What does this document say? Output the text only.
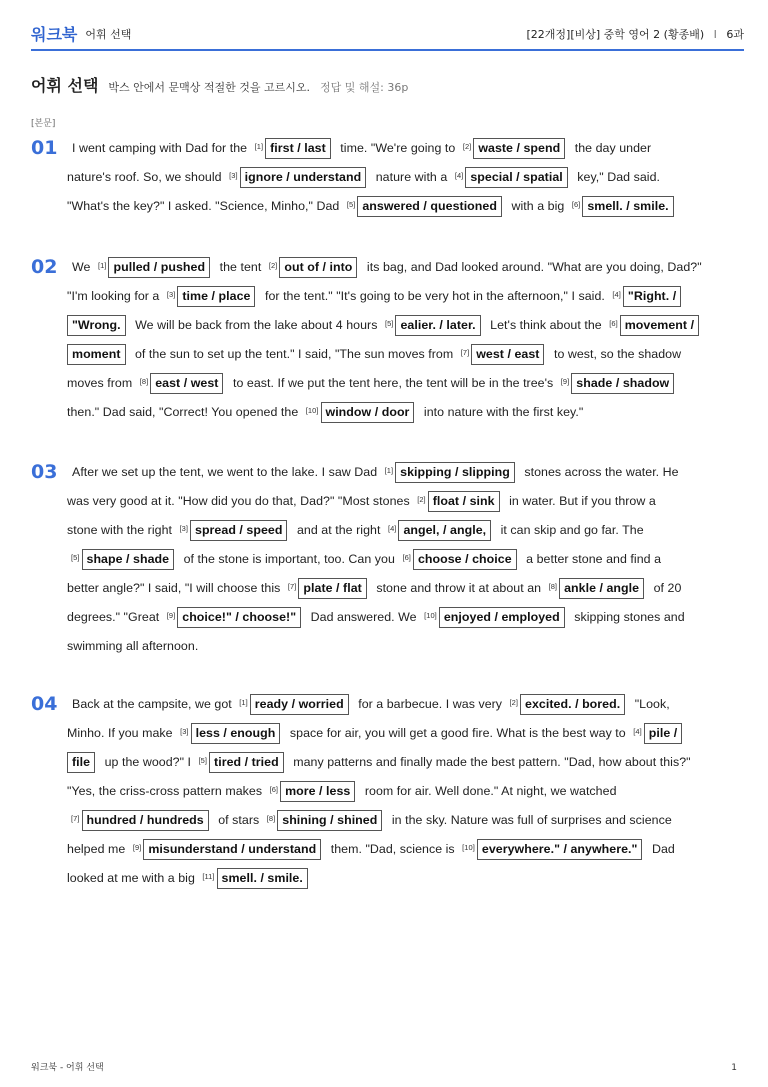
워크북 어휘 선택	[22개정][비상] 중학 영어 2 (황종배) I 6과
어휘 선택 박스 안에서 문맥상 적절한 것을 고르시오. 정답 및 해설: 36p
[본문]
01 I went camping with Dad for the [1] first / last time. "We're going to [2] waste / spend the day under
nature's roof. So, we should [3] ignore / understand nature with a [4] special / spatial key," Dad said.
"What's the key?" I asked. "Science, Minho," Dad [5] answered / questioned with a big [6] smell. / smile.
02 We [1] pulled / pushed the tent [2] out of / into its bag, and Dad looked around. "What are you doing, Dad?"
"I'm looking for a [3] time / place for the tent." "It's going to be very hot in the afternoon," I said. [4] "Right. /
"Wrong. We will be back from the lake about 4 hours [5] ealier. / later. Let's think about the [6] movement /
moment of the sun to set up the tent." I said, "The sun moves from [7] west / east to west, so the shadow
moves from [8] east / west to east. If we put the tent here, the tent will be in the tree's [9] shade / shadow
then." Dad said, "Correct! You opened the [10] window / door into nature with the first key."
03 After we set up the tent, we went to the lake. I saw Dad [1] skipping / slipping stones across the water. He
was very good at it. "How did you do that, Dad?" "Most stones [2] float / sink in water. But if you throw a
stone with the right [3] spread / speed and at the right [4] angel, / angle, it can skip and go far. The
[5] shape / shade of the stone is important, too. Can you [6] choose / choice a better stone and find a
better angle?" I said, "I will choose this [7] plate / flat stone and throw it at about an [8] ankle / angle of 20
degrees." "Great [9] choice!" / choose!" Dad answered. We [10] enjoyed / employed skipping stones and
swimming all afternoon.
04 Back at the campsite, we got [1] ready / worried for a barbecue. I was very [2] excited. / bored. "Look,
Minho. If you make [3] less / enough space for air, you will get a good fire. What is the best way to [4] pile /
file up the wood?" I [5] tired / tried many patterns and finally made the best pattern. "Dad, how about this?"
"Yes, the criss-cross pattern makes [6] more / less room for air. Well done." At night, we watched
[7] hundred / hundreds of stars [8] shining / shined in the sky. Nature was full of surprises and science
helped me [9] misunderstand / understand them. "Dad, science is [10] everywhere." / anywhere." Dad
looked at me with a big [11] smell. / smile.
워크북 - 어휘 선택	1
